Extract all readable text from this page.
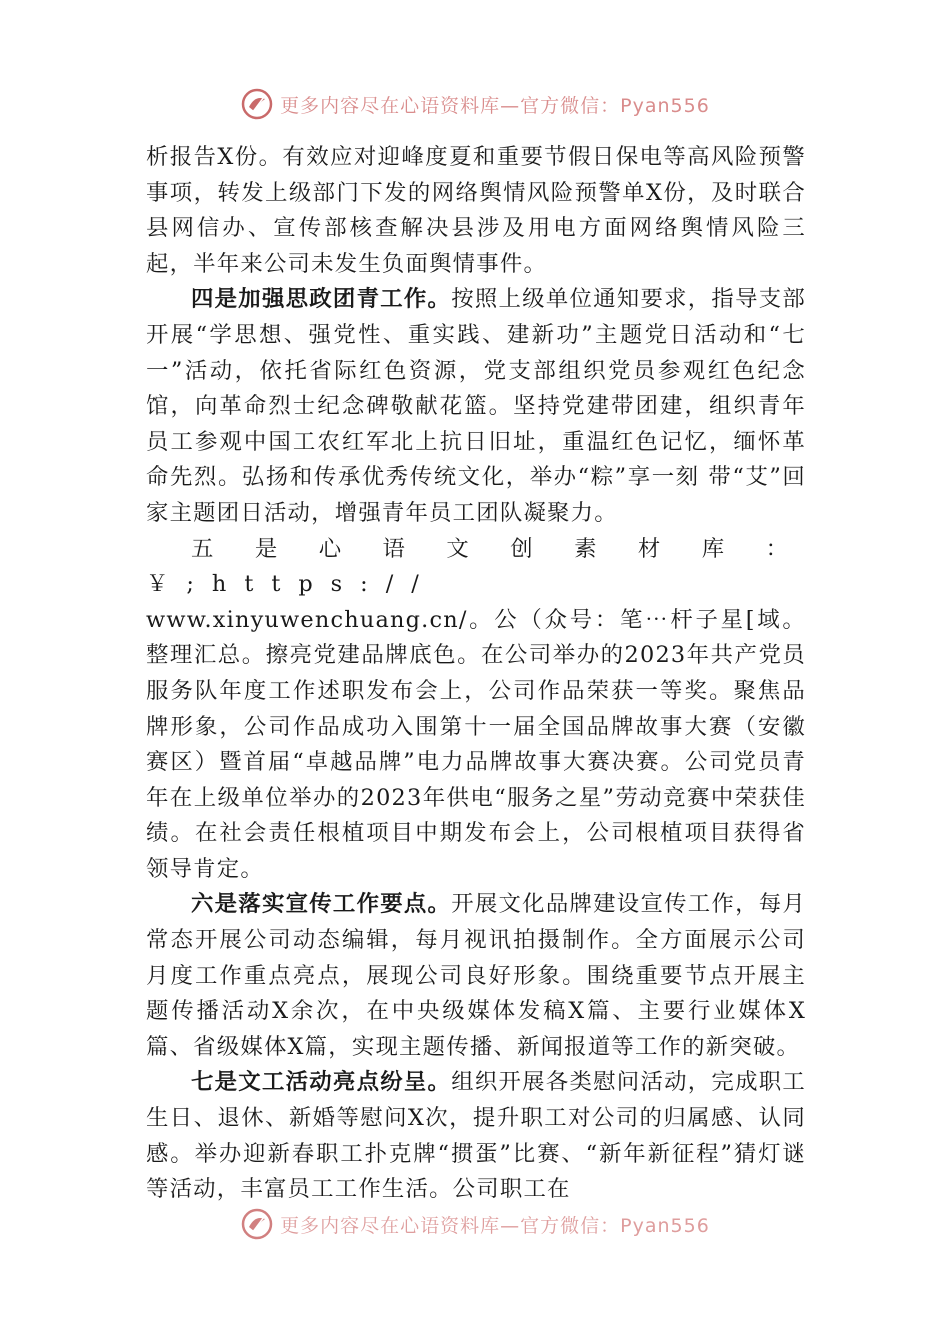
更多内容尽在心语资料库—官方微信：Pyan556

析报告X份。有效应对迎峰度夏和重要节假日保电等高风险预警事项，转发上级部门下发的网络舆情风险预警单X份，及时联合县网信办、宣传部核查解决县涉及用电方面网络舆情风险三起，半年来公司未发生负面舆情事件。

四是加强思政团青工作。按照上级单位通知要求，指导支部开展“学思想、强党性、重实践、建新功”主题党日活动和“七一”活动，依托省际红色资源，党支部组织党员参观红色纪念馆，向革命烈士纪念碑敬献花篮。坚持党建带团建，组织青年员工参观中国工农红军北上抗日旧址，重温红色记忆，缅怀革命先烈。弘扬和传承优秀传统文化，举办“粽”享一刻 带“艾”回家主题团日活动，增强青年员工团队凝聚力。

五是心语文创素材库：￥;https://

www.xinyuwenchuang.cn/。公（众号：笔⋯杆子星[域。整理汇总。擦亮党建品牌底色。在公司举办的2023年共产党员服务队年度工作述职发布会上，公司作品荣获一等奖。聚焦品牌形象，公司作品成功入围第十一届全国品牌故事大赛（安徽赛区）暨首届“卓越品牌”电力品牌故事大赛决赛。公司党员青年在上级单位举办的2023年供电“服务之星”劳动竞赛中荣获佳绩。在社会责任根植项目中期发布会上，公司根植项目获得省领导肯定。

六是落实宣传工作要点。开展文化品牌建设宣传工作，每月常态开展公司动态编辑，每月视讯拍摄制作。全方面展示公司月度工作重点亮点，展现公司良好形象。围绕重要节点开展主题传播活动X余次，在中央级媒体发稿X篇、主要行业媒体X篇、省级媒体X篇，实现主题传播、新闻报道等工作的新突破。

七是文工活动亮点纷呈。组织开展各类慰问活动，完成职工生日、退休、新婚等慰问X次，提升职工对公司的归属感、认同感。举办迎新春职工扑克牌“掼蛋”比赛、“新年新征程”猜灯谜等活动，丰富员工工作生活。公司职工在

更多内容尽在心语资料库—官方微信：Pyan556
